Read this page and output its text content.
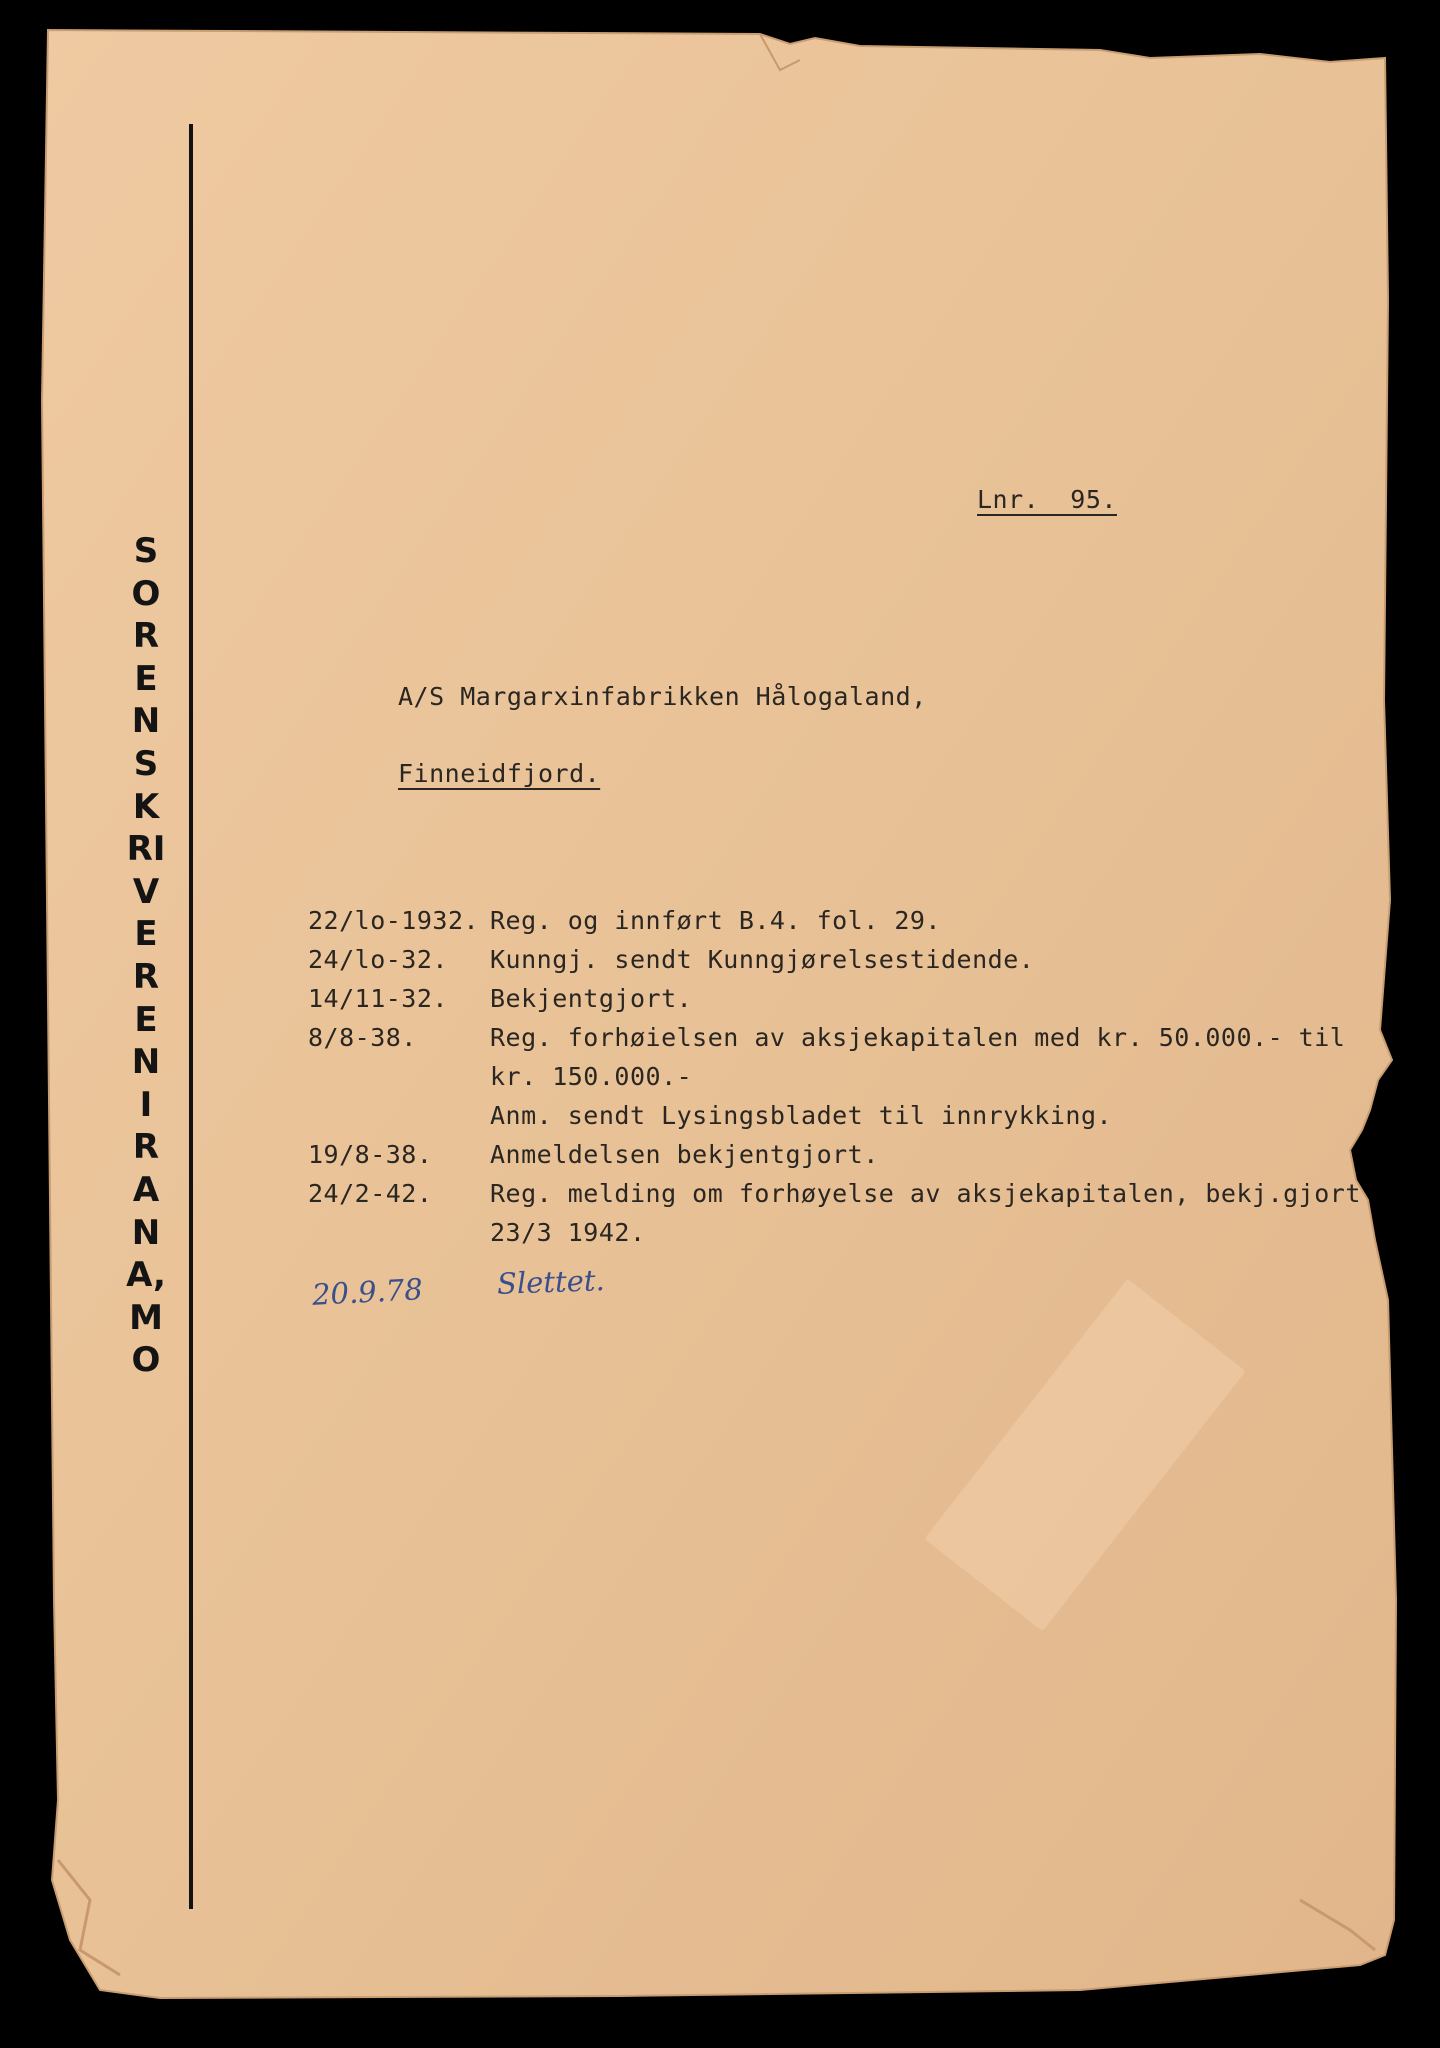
SORENSKRIVEREN I RANA, MO
Lnr.  95.
A/S Margarxinfabrikken Hålogaland,
Finneidfjord.
22/lo-1932. Reg. og innført B.4. fol. 29.
24/lo-32. Kunngj. sendt Kunngjørelsestidende.
14/11-32. Bekjentgjort.
8/8-38.	Reg. forhøielsen av aksjekapitalen med kr. 50.000.- til
kr. 150.000.-
Anm. sendt Lysingsbladet til innrykking.
19/8-38. Anmeldelsen bekjentgjort.
24/2-42. Reg. melding om forhøyelse av aksjekapitalen, bekj.gjort
23/3 1942.
20.9.78	Slettet.
